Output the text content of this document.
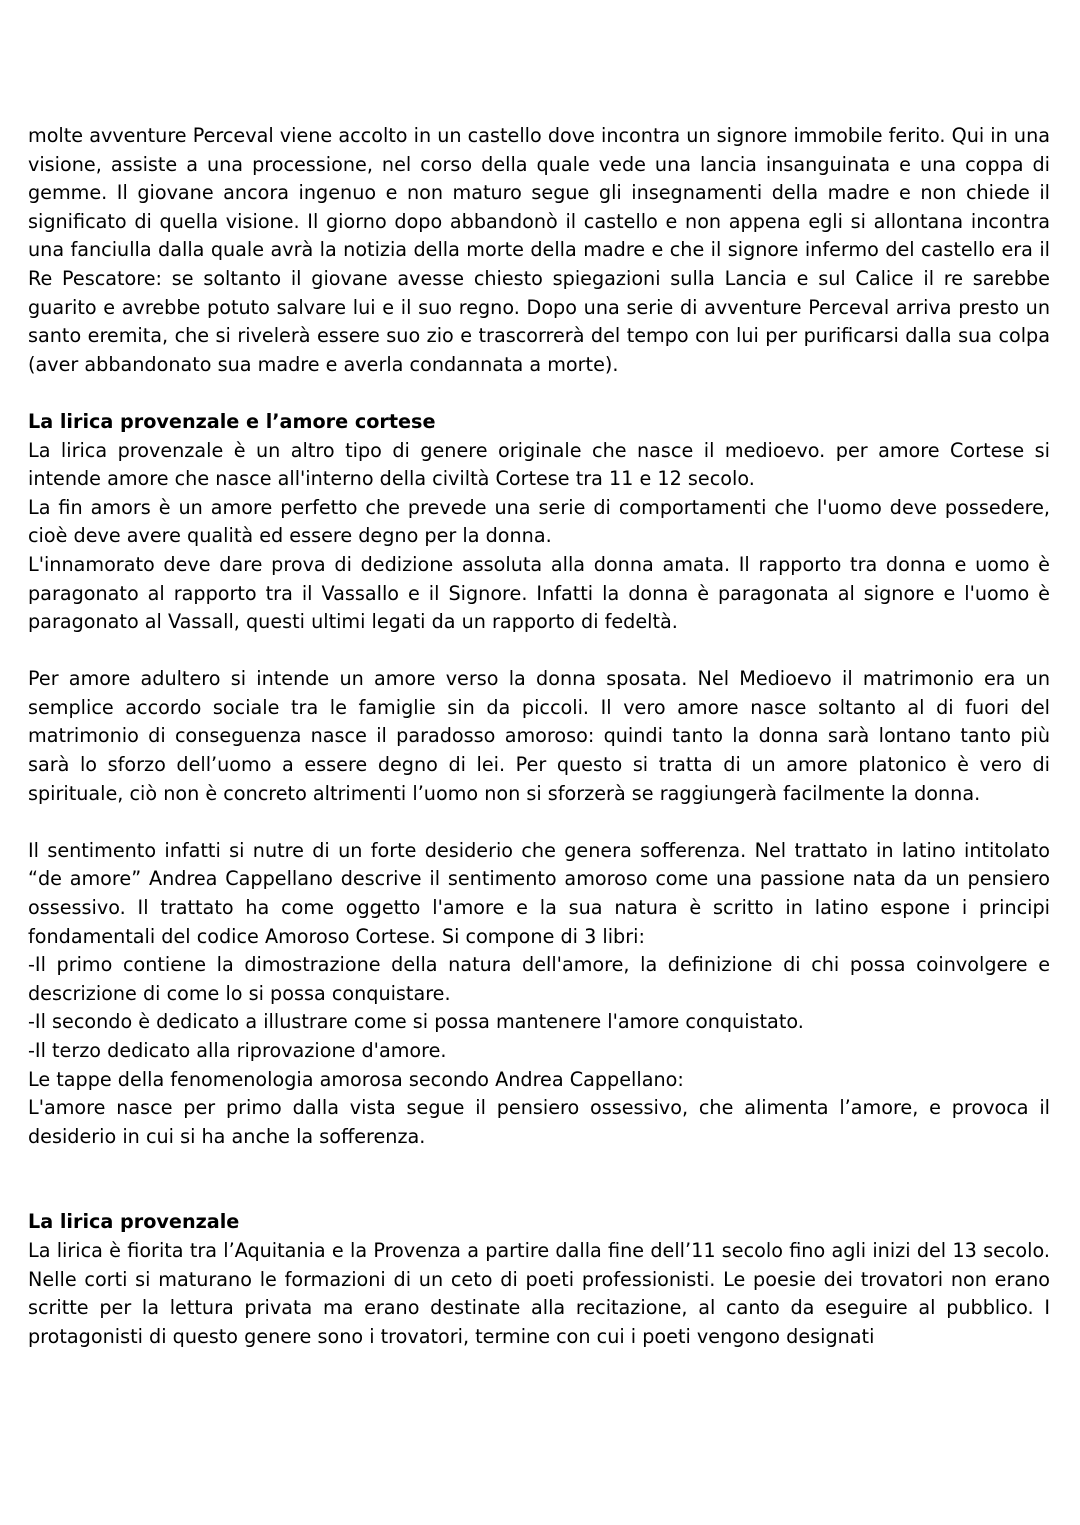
molte avventure Perceval viene accolto in un castello dove incontra un signore immobile ferito. Qui in una visione, assiste a una processione, nel corso della quale vede una lancia insanguinata e una coppa di gemme. Il giovane ancora ingenuo e non maturo segue gli insegnamenti della madre e non chiede il significato di quella visione. Il giorno dopo abbandonò il castello e non appena egli si allontana incontra una fanciulla dalla quale avrà la notizia della morte della madre e che il signore infermo del castello era il Re Pescatore: se soltanto il giovane avesse chiesto spiegazioni sulla Lancia e sul Calice il re sarebbe guarito e avrebbe potuto salvare lui e il suo regno. Dopo una serie di avventure Perceval arriva presto un santo eremita, che si rivelerà essere suo zio e trascorrerà del tempo con lui per purificarsi dalla sua colpa (aver abbandonato sua madre e averla condannata a morte).

La lirica provenzale e l’amore cortese

La lirica provenzale è un altro tipo di genere originale che nasce il medioevo. per amore Cortese si intende amore che nasce all'interno della civiltà Cortese tra 11 e 12 secolo.

La fin amors è un amore perfetto che prevede una serie di comportamenti che l'uomo deve possedere, cioè deve avere qualità ed essere degno per la donna.

L'innamorato deve dare prova di dedizione assoluta alla donna amata. Il rapporto tra donna e uomo è paragonato al rapporto tra il Vassallo e il Signore. Infatti la donna è paragonata al signore e l'uomo è paragonato al Vassall, questi ultimi legati da un rapporto di fedeltà.

Per amore adultero si intende un amore verso la donna sposata. Nel Medioevo il matrimonio era un semplice accordo sociale tra le famiglie sin da piccoli. Il vero amore nasce soltanto al di fuori del matrimonio di conseguenza nasce il paradosso amoroso: quindi tanto la donna sarà lontano tanto più sarà lo sforzo dell’uomo a essere degno di lei. Per questo si tratta di un amore platonico è vero di spirituale, ciò non è concreto altrimenti l’uomo non si sforzerà se raggiungerà facilmente la donna.

Il sentimento infatti si nutre di un forte desiderio che genera sofferenza. Nel trattato in latino intitolato “de amore” Andrea Cappellano descrive il sentimento amoroso come una passione nata da un pensiero ossessivo. Il trattato ha come oggetto l'amore e la sua natura è scritto in latino espone i principi fondamentali del codice Amoroso Cortese. Si compone di 3 libri:

-Il primo contiene la dimostrazione della natura dell'amore, la definizione di chi possa coinvolgere e descrizione di come lo si possa conquistare.

-Il secondo è dedicato a illustrare come si possa mantenere l'amore conquistato.

-Il terzo dedicato alla riprovazione d'amore.

Le tappe della fenomenologia amorosa secondo Andrea Cappellano:

L'amore nasce per primo dalla vista segue il pensiero ossessivo, che alimenta l’amore, e provoca il desiderio in cui si ha anche la sofferenza.

La lirica provenzale

La lirica è fiorita tra l’Aquitania e la Provenza a partire dalla fine dell’11 secolo fino agli inizi del 13 secolo. Nelle corti si maturano le formazioni di un ceto di poeti professionisti. Le poesie dei trovatori non erano scritte per la lettura privata ma erano destinate alla recitazione, al canto da eseguire al pubblico. I protagonisti di questo genere sono i trovatori, termine con cui i poeti vengono designati
